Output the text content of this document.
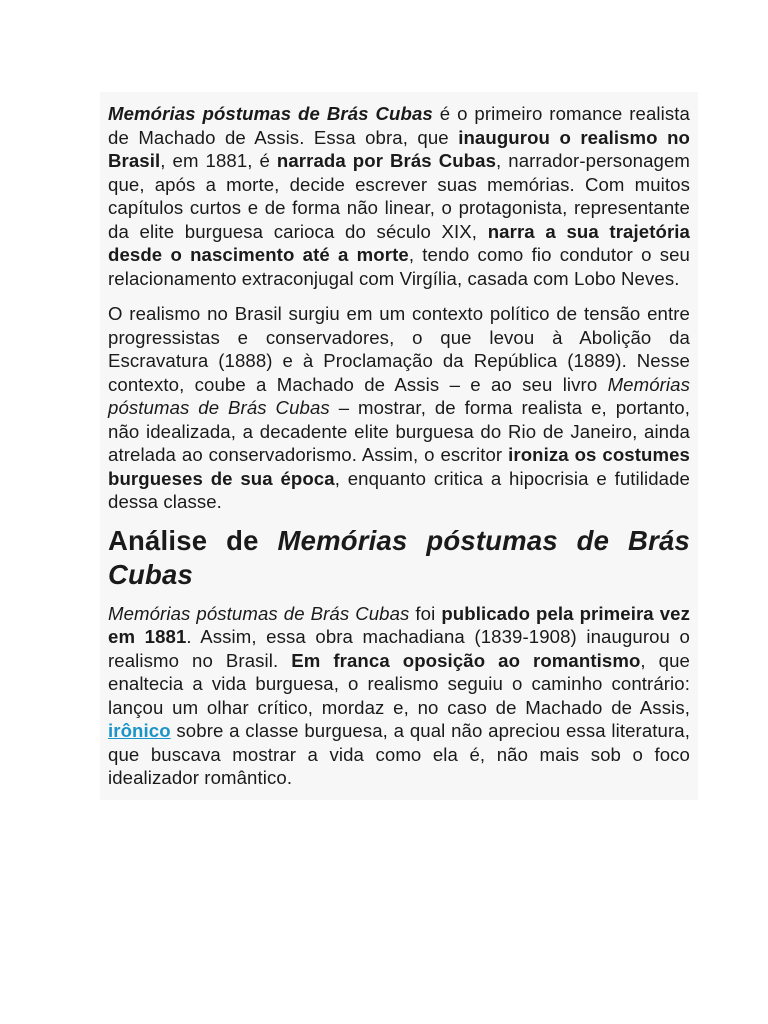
Memórias póstumas de Brás Cubas é o primeiro romance realista de Machado de Assis. Essa obra, que inaugurou o realismo no Brasil, em 1881, é narrada por Brás Cubas, narrador-personagem que, após a morte, decide escrever suas memórias. Com muitos capítulos curtos e de forma não linear, o protagonista, representante da elite burguesa carioca do século XIX, narra a sua trajetória desde o nascimento até a morte, tendo como fio condutor o seu relacionamento extraconjugal com Virgília, casada com Lobo Neves.

O realismo no Brasil surgiu em um contexto político de tensão entre progressistas e conservadores, o que levou à Abolição da Escravatura (1888) e à Proclamação da República (1889). Nesse contexto, coube a Machado de Assis – e ao seu livro Memórias póstumas de Brás Cubas – mostrar, de forma realista e, portanto, não idealizada, a decadente elite burguesa do Rio de Janeiro, ainda atrelada ao conservadorismo. Assim, o escritor ironiza os costumes burgueses de sua época, enquanto critica a hipocrisia e futilidade dessa classe.

Análise de Memórias póstumas de Brás Cubas

Memórias póstumas de Brás Cubas foi publicado pela primeira vez em 1881. Assim, essa obra machadiana (1839-1908) inaugurou o realismo no Brasil. Em franca oposição ao romantismo, que enaltecia a vida burguesa, o realismo seguiu o caminho contrário: lançou um olhar crítico, mordaz e, no caso de Machado de Assis, irônico sobre a classe burguesa, a qual não apreciou essa literatura, que buscava mostrar a vida como ela é, não mais sob o foco idealizador romântico.
